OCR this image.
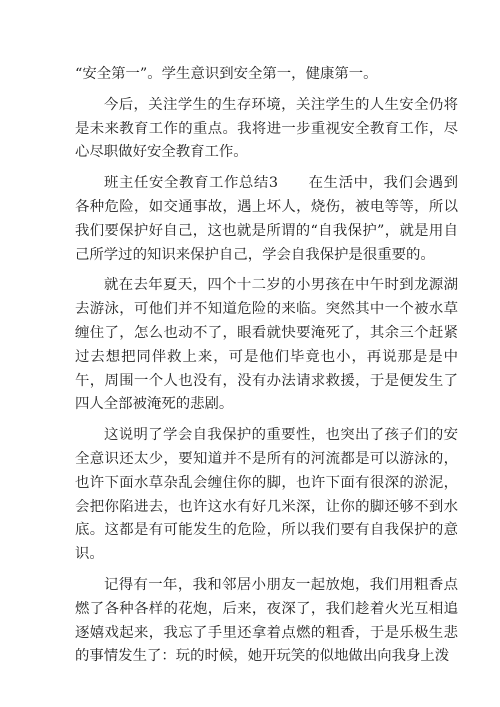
“安全第一”。学生意识到安全第一，健康第一。

今后，关注学生的生存环境，关注学生的人生安全仍将是未来教育工作的重点。我将进一步重视安全教育工作，尽心尽职做好安全教育工作。

班主任安全教育工作总结3　　在生活中，我们会遇到各种危险，如交通事故，遇上坏人，烧伤，被电等等，所以我们要保护好自己，这也就是所谓的“自我保护”，就是用自己所学过的知识来保护自己，学会自我保护是很重要的。

就在去年夏天，四个十二岁的小男孩在中午时到龙源湖去游泳，可他们并不知道危险的来临。突然其中一个被水草缠住了，怎么也动不了，眼看就快要淹死了，其余三个赶紧过去想把同伴救上来，可是他们毕竟也小，再说那是是中午，周围一个人也没有，没有办法请求救援，于是便发生了四人全部被淹死的悲剧。

这说明了学会自我保护的重要性，也突出了孩子们的安全意识还太少，要知道并不是所有的河流都是可以游泳的，也许下面水草杂乱会缠住你的脚，也许下面有很深的淤泥，会把你陷进去，也许这水有好几米深，让你的脚还够不到水底。这都是有可能发生的危险，所以我们要有自我保护的意识。

记得有一年，我和邻居小朋友一起放炮，我们用粗香点燃了各种各样的花炮，后来，夜深了，我们趁着火光互相追逐嬉戏起来，我忘了手里还拿着点燃的粗香，于是乐极生悲的事情发生了：玩的时候，她开玩笑的似地做出向我身上泼
